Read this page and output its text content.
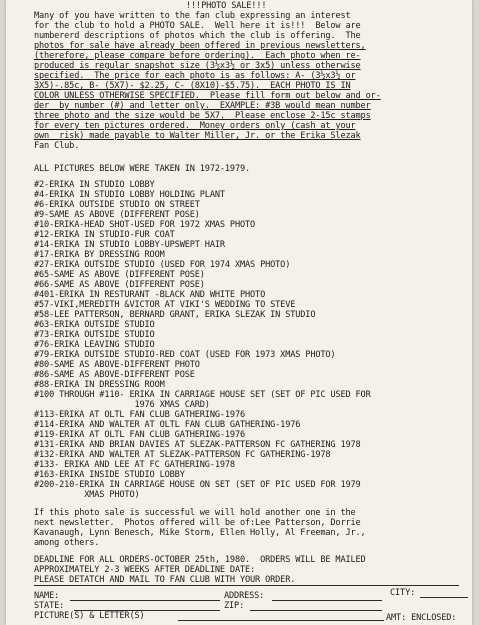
!!!PHOTO SALE!!!
Many of you have written to the fan club expressing an interest
for the club to hold a PHOTO SALE.  Well here it is!!!  Below are
numbererd descriptions of photos which the club is offering.  The
photos for sale have already been offered in previous newsletters,
(therefore, please compare before ordering).  Each photo when re-
produced is regular snapshot size (3½x3½ or 3x5) unless otherwise
specified.  The price for each photo is as follows: A- (3½x3½ or
3X5)-.85c, B- (5X7)- $2.25, C- (8X10)-$5.75).  EACH PHOTO IS IN
COLOR UNLESS OTHERWISE SPECIFIED.  Please fill form out below and or-
der  by number (#) and letter only.  EXAMPLE: #3B would mean number
three photo and the size would be 5X7.  Please enclose 2-15c stamps
for every ten pictures ordered.  Money orders only (cash at your
own  risk) made payable to Walter Miller, Jr. or the Erika Slezak
Fan Club.
ALL PICTURES BELOW WERE TAKEN IN 1972-1979.
#2-ERIKA IN STUDIO LOBBY
#4-ERIKA IN STUDIO LOBBY HOLDING PLANT
#6-ERIKA OUTSIDE STUDIO ON STREET
#9-SAME AS ABOVE (DIFFERENT POSE)
#10-ERIKA-HEAD SHOT-USED FOR 1972 XMAS PHOTO
#12-ERIKA IN STUDIO-FUR COAT
#14-ERIKA IN STUDIO LOBBY-UPSWEPT HAIR
#17-ERIKA BY DRESSING ROOM
#27-ERIKA OUTSIDE STUDIO (USED FOR 1974 XMAS PHOTO)
#65-SAME AS ABOVE (DIFFERENT POSE)
#66-SAME AS ABOVE (DIFFERENT POSE)
#401-ERIKA IN RESTURANT -BLACK AND WHITE PHOTO
#57-VIKI,MEREDITH &VICTOR AT VIKI'S WEDDING TO STEVE
#58-LEE PATTERSON, BERNARD GRANT, ERIKA SLEZAK IN STUDIO
#63-ERIKA OUTSIDE STUDIO
#73-ERIKA OUTSIDE STUDIO
#76-ERIKA LEAVING STUDIO
#79-ERIKA OUTSIDE STUDIO-RED COAT (USED FOR 1973 XMAS PHOTO)
#80-SAME AS ABOVE-DIFFERENT PHOTO
#86-SAME AS ABOVE-DIFFERENT POSE
#88-ERIKA IN DRESSING ROOM
#100 THROUGH #110- ERIKA IN CARRIAGE HOUSE SET (SET OF PIC USED FOR
1976 XMAS CARD)
#113-ERIKA AT OLTL FAN CLUB GATHERING-1976
#114-ERIKA AND WALTER AT OLTL FAN CLUB GATHERING-1976
#119-ERIKA AT OLTL FAN CLUB GATHERING-1976
#131-ERIKA AND BRIAN DAVIES AT SLEZAK-PATTERSON FC GATHERING 1978
#132-ERIKA AND WALTER AT SLEZAK-PATTERSON FC GATHERING-1978
#133- ERIKA AND LEE AT FC GATHERING-1978
#163-ERIKA INSIDE STUDIO LOBBY
#200-210-ERIKA IN CARRIAGE HOUSE ON SET (SET OF PIC USED FOR 1979
XMAS PHOTO)
If this photo sale is successful we will hold another one in the
next newsletter.  Photos offered will be of:Lee Patterson, Dorrie
Kavanaugh, Lynn Benesch, Mike Storm, Ellen Holly, Al Freeman, Jr.,
among others.
DEADLINE FOR ALL ORDERS-OCTOBER 25th, 1980.  ORDERS WILL BE MAILED
APPROXIMATELY 2-3 WEEKS AFTER DEADLINE DATE:
PLEASE DETATCH AND MAIL TO FAN CLUB WITH YOUR ORDER.
NAME:	ADDRESS:	CITY:
STATE:	ZIP:
PICTURE(S) & LETTER(S)	AMT: ENCLOSED:
